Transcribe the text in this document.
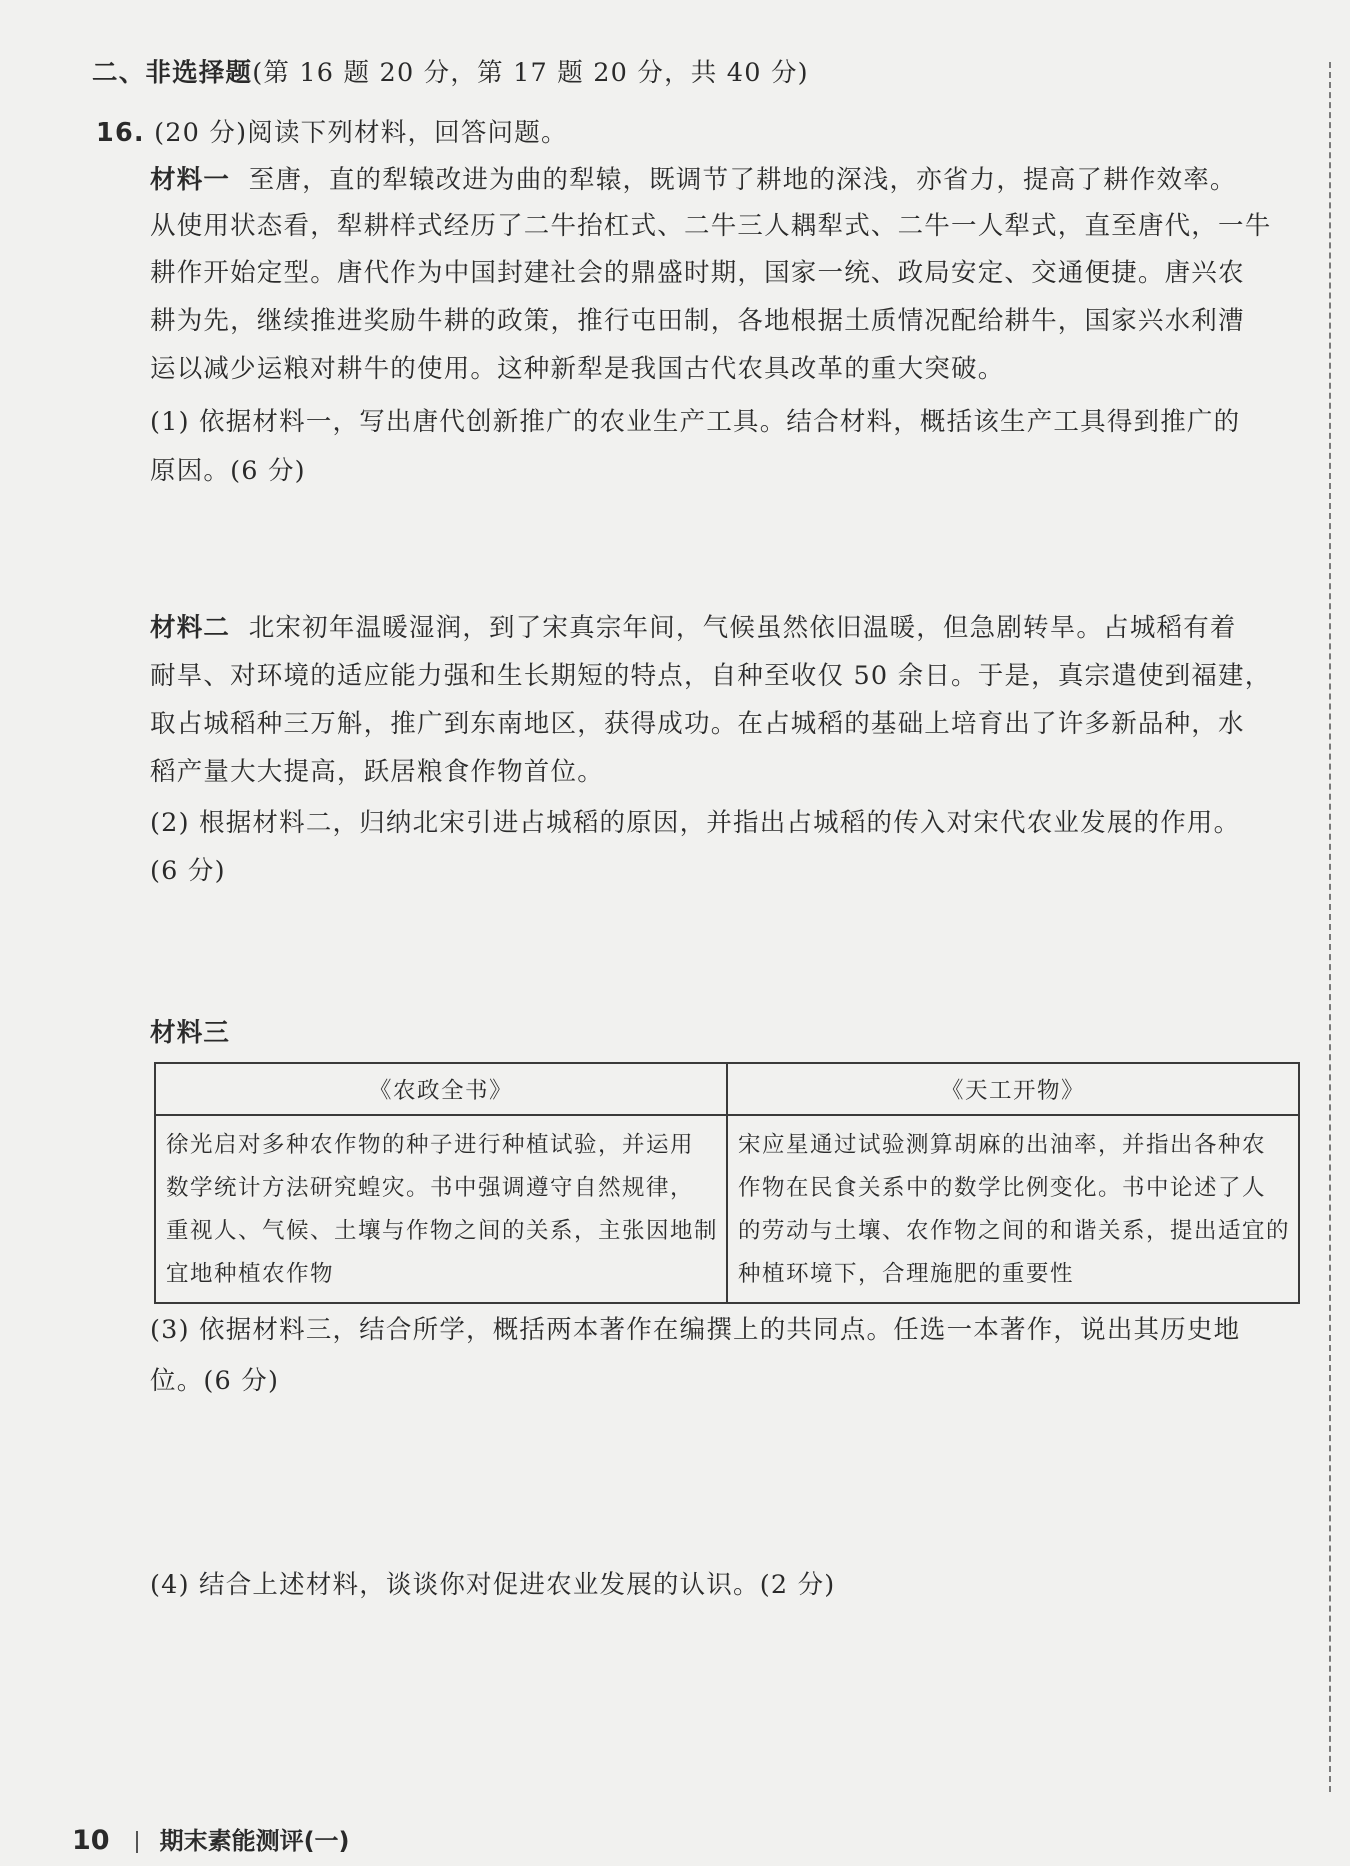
二、非选择题(第 16 题 20 分，第 17 题 20 分，共 40 分)
16. (20 分)阅读下列材料，回答问题。
材料一 至唐，直的犁辕改进为曲的犁辕，既调节了耕地的深浅，亦省力，提高了耕作效率。
从使用状态看，犁耕样式经历了二牛抬杠式、二牛三人耦犁式、二牛一人犁式，直至唐代，一牛
耕作开始定型。唐代作为中国封建社会的鼎盛时期，国家一统、政局安定、交通便捷。唐兴农
耕为先，继续推进奖励牛耕的政策，推行屯田制，各地根据土质情况配给耕牛，国家兴水利漕
运以减少运粮对耕牛的使用。这种新犁是我国古代农具改革的重大突破。
(1) 依据材料一，写出唐代创新推广的农业生产工具。结合材料，概括该生产工具得到推广的
原因。(6 分)
材料二 北宋初年温暖湿润，到了宋真宗年间，气候虽然依旧温暖，但急剧转旱。占城稻有着
耐旱、对环境的适应能力强和生长期短的特点，自种至收仅 50 余日。于是，真宗遣使到福建，
取占城稻种三万斛，推广到东南地区，获得成功。在占城稻的基础上培育出了许多新品种，水
稻产量大大提高，跃居粮食作物首位。
(2) 根据材料二，归纳北宋引进占城稻的原因，并指出占城稻的传入对宋代农业发展的作用。
(6 分)
材料三
《农政全书》	《天工开物》

徐光启对多种农作物的种子进行种植试验，并运用
数学统计方法研究蝗灾。书中强调遵守自然规律，
重视人、气候、土壤与作物之间的关系，主张因地制
宜地种植农作物	宋应星通过试验测算胡麻的出油率，并指出各种农
作物在民食关系中的数学比例变化。书中论述了人
的劳动与土壤、农作物之间的和谐关系，提出适宜的
种植环境下，合理施肥的重要性
(3) 依据材料三，结合所学，概括两本著作在编撰上的共同点。任选一本著作，说出其历史地
位。(6 分)
(4) 结合上述材料，谈谈你对促进农业发展的认识。(2 分)
10 期末素能测评(一)
